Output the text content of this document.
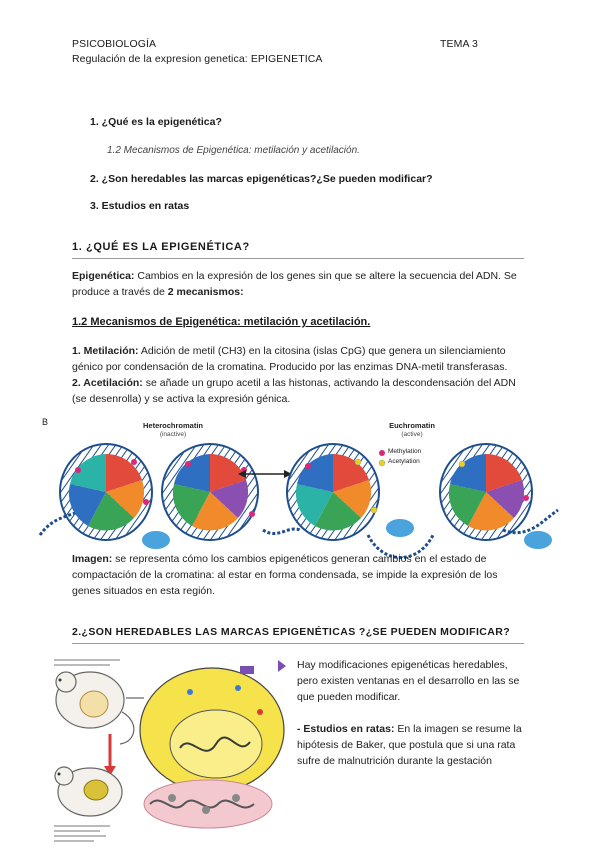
PSICOBIOLOGÍA	TEMA 3
Regulación de la expresion genetica: EPIGENETICA
1. ¿Qué es la epigenética?
1.2 Mecanismos de Epigenética: metilación y acetilación.
2. ¿Son heredables las marcas epigenéticas?¿Se pueden modificar?
3. Estudios en ratas
1. ¿QUÉ ES LA EPIGENÉTICA?
Epigenética: Cambios en la expresión de los genes sin que se altere la secuencia del ADN. Se produce a través de 2 mecanismos:
1.2 Mecanismos de Epigenética: metilación y acetilación.
1. Metilación: Adición de metil (CH3) en la citosina (islas CpG) que genera un silenciamiento génico por condensación de la cromatina. Producido por las enzimas DNA-metil transferasas.
2. Acetilación: se añade un grupo acetil a las histonas, activando la descondensación del ADN (se desenrolla) y se activa la expresión génica.
B	Heterochromatin
(inactive)
Euchromatin
(active)
Methylation
Acetylation
Imagen: se representa cómo los cambios epigenéticos generan cambios en el estado de compactación de la cromatina: al estar en forma condensada, se impide la expresión de los genes situados en esta región.
2.¿SON HEREDABLES LAS MARCAS EPIGENÉTICAS ?¿SE PUEDEN MODIFICAR?
Hay modificaciones epigenéticas heredables, pero existen ventanas en el desarrollo en las se que pueden modificar.
- Estudios en ratas: En la imagen se resume la hipótesis de Baker, que postula que si una rata sufre de malnutrición durante la gestación
